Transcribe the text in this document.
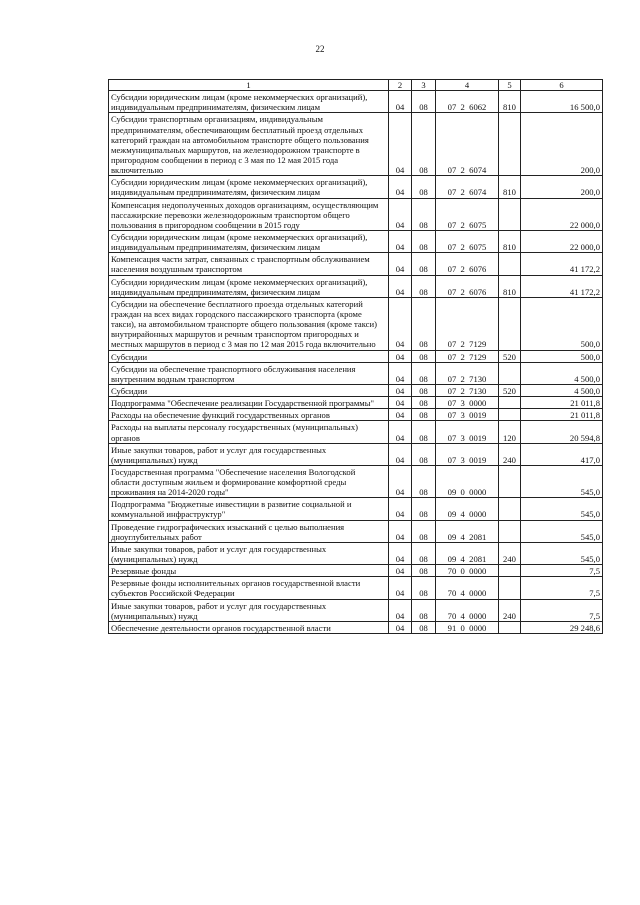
22
1	2	3	4	5	6
Субсидии юридическим лицам (кроме некоммерческих организаций), индивидуальным предпринимателям, физическим лицам	04	08	07  2  6062	810	16 500,0
Субсидии транспортным организациям, индивидуальным предпринимателям, обеспечивающим бесплатный проезд отдельных категорий граждан на автомобильном транспорте общего пользования межмуниципальных маршрутов, на железнодорожном транспорте в пригородном сообщении в период с 3 мая по 12 мая 2015 года включительно	04	08	07  2  6074		200,0
Субсидии юридическим лицам (кроме некоммерческих организаций), индивидуальным предпринимателям, физическим лицам	04	08	07  2  6074	810	200,0
Компенсация недополученных доходов организациям, осуществляющим пассажирские перевозки железнодорожным транспортом общего пользования в пригородном сообщении в 2015 году	04	08	07  2  6075		22 000,0
Субсидии юридическим лицам (кроме некоммерческих организаций), индивидуальным предпринимателям, физическим лицам	04	08	07  2  6075	810	22 000,0
Компенсация части затрат, связанных с транспортным обслуживанием населения воздушным транспортом	04	08	07  2  6076		41 172,2
Субсидии юридическим лицам (кроме некоммерческих организаций), индивидуальным предпринимателям, физическим лицам	04	08	07  2  6076	810	41 172,2
Субсидии на обеспечение бесплатного проезда отдельных категорий граждан на всех видах городского пассажирского транспорта (кроме такси), на автомобильном транспорте общего пользования (кроме такси) внутрирайонных маршрутов и речным транспортом пригородных и местных маршрутов в период с 3 мая по 12 мая 2015 года включительно	04	08	07  2  7129		500,0
Субсидии	04	08	07  2  7129	520	500,0
Субсидии на обеспечение транспортного обслуживания населения внутренним водным транспортом	04	08	07  2  7130		4 500,0
Субсидии	04	08	07  2  7130	520	4 500,0
Подпрограмма "Обеспечение реализации Государственной программы"	04	08	07  3  0000		21 011,8
Расходы на обеспечение функций государственных органов	04	08	07  3  0019		21 011,8
Расходы на выплаты персоналу государственных (муниципальных) органов	04	08	07  3  0019	120	20 594,8
Иные закупки товаров, работ и услуг для государственных (муниципальных) нужд	04	08	07  3  0019	240	417,0
Государственная программа "Обеспечение населения Вологодской области доступным жильем и формирование комфортной среды проживания на 2014-2020 годы"	04	08	09  0  0000		545,0
Подпрограмма "Бюджетные инвестиции в развитие социальной и коммунальной инфраструктур"	04	08	09  4  0000		545,0
Проведение гидрографических изысканий с целью выполнения дноуглубительных работ	04	08	09  4  2081		545,0
Иные закупки товаров, работ и услуг для государственных (муниципальных) нужд	04	08	09  4  2081	240	545,0
Резервные фонды	04	08	70  0  0000		7,5
Резервные фонды исполнительных органов государственной власти субъектов Российской Федерации	04	08	70  4  0000		7,5
Иные закупки товаров, работ и услуг для государственных (муниципальных) нужд	04	08	70  4  0000	240	7,5
Обеспечение деятельности органов государственной власти	04	08	91  0  0000		29 248,6
